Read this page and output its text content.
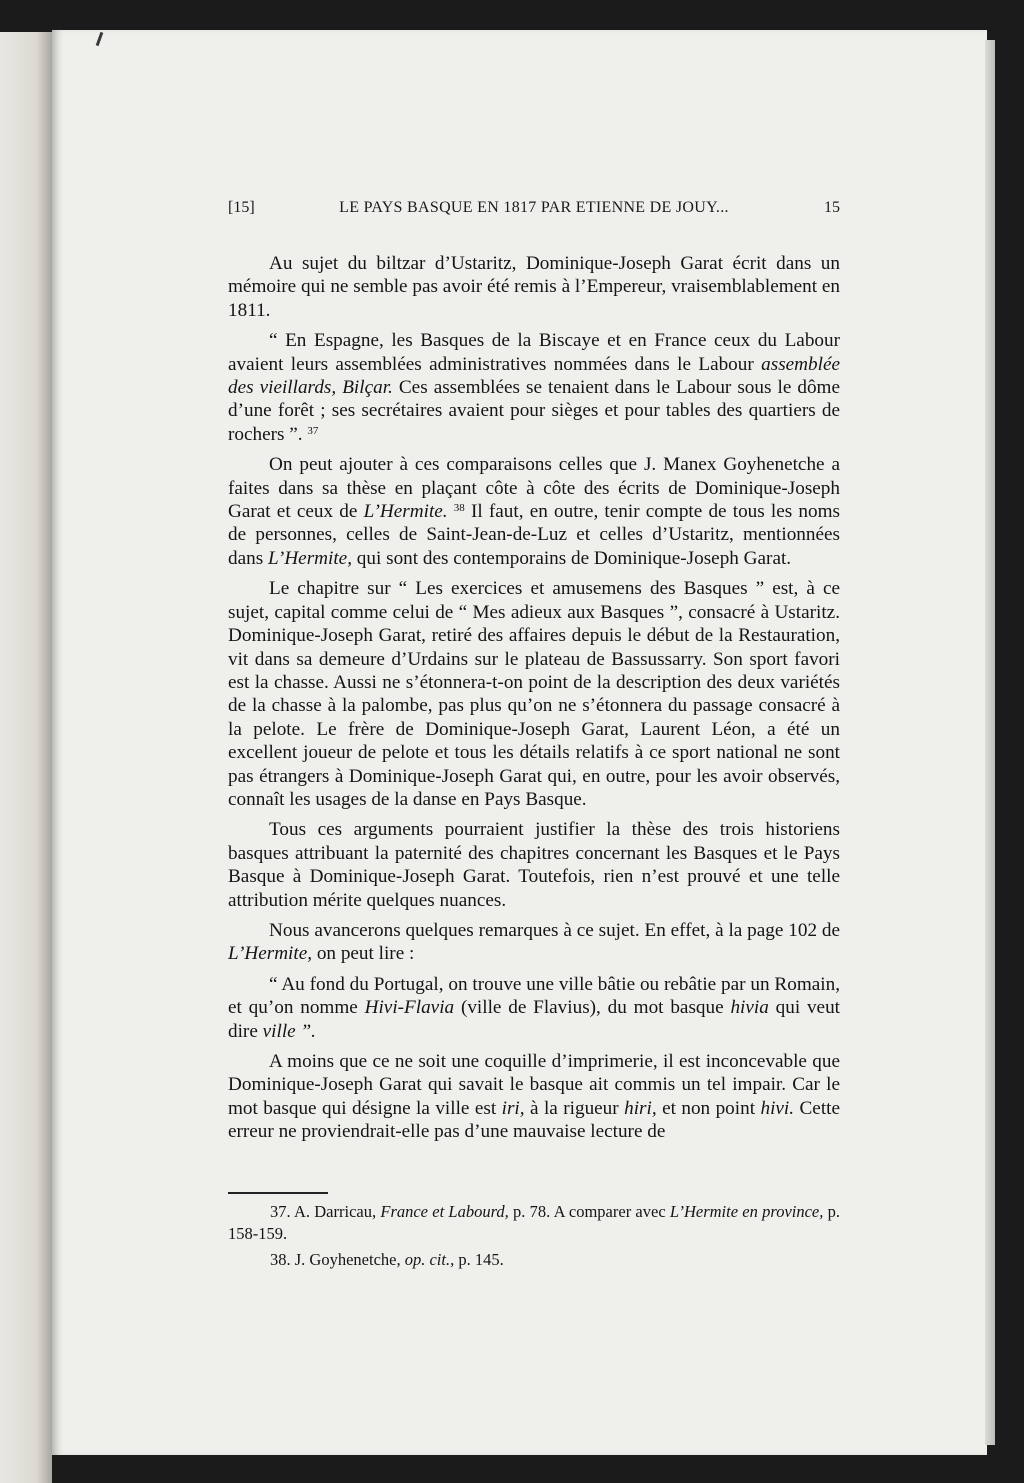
[15]	LE PAYS BASQUE EN 1817 PAR ETIENNE DE JOUY...	15

Au sujet du biltzar d’Ustaritz, Dominique-Joseph Garat écrit dans un mémoire qui ne semble pas avoir été remis à l’Empereur, vraisemblablement en 1811.

“ En Espagne, les Basques de la Biscaye et en France ceux du Labour avaient leurs assemblées administratives nommées dans le Labour assemblée des vieillards, Bilçar. Ces assemblées se tenaient dans le Labour sous le dôme d’une forêt ; ses secrétaires avaient pour sièges et pour tables des quartiers de rochers ”. $^{37}$

On peut ajouter à ces comparaisons celles que J. Manex Goyhenetche a faites dans sa thèse en plaçant côte à côte des écrits de Dominique-Joseph Garat et ceux de L’Hermite. $^{38}$ Il faut, en outre, tenir compte de tous les noms de personnes, celles de Saint-Jean-de-Luz et celles d’Ustaritz, mentionnées dans L’Hermite, qui sont des contemporains de Dominique-Joseph Garat.

Le chapitre sur “ Les exercices et amusemens des Basques ” est, à ce sujet, capital comme celui de “ Mes adieux aux Basques ”, consacré à Ustaritz. Dominique-Joseph Garat, retiré des affaires depuis le début de la Restauration, vit dans sa demeure d’Urdains sur le plateau de Bassussarry. Son sport favori est la chasse. Aussi ne s’étonnera-t-on point de la description des deux variétés de la chasse à la palombe, pas plus qu’on ne s’étonnera du passage consacré à la pelote. Le frère de Dominique-Joseph Garat, Laurent Léon, a été un excellent joueur de pelote et tous les détails relatifs à ce sport national ne sont pas étrangers à Dominique-Joseph Garat qui, en outre, pour les avoir observés, connaît les usages de la danse en Pays Basque.

Tous ces arguments pourraient justifier la thèse des trois historiens basques attribuant la paternité des chapitres concernant les Basques et le Pays Basque à Dominique-Joseph Garat. Toutefois, rien n’est prouvé et une telle attribution mérite quelques nuances.

Nous avancerons quelques remarques à ce sujet. En effet, à la page 102 de L’Hermite, on peut lire :

“ Au fond du Portugal, on trouve une ville bâtie ou rebâtie par un Romain, et qu’on nomme Hivi-Flavia (ville de Flavius), du mot basque hivia qui veut dire ville ”.

A moins que ce ne soit une coquille d’imprimerie, il est inconcevable que Dominique-Joseph Garat qui savait le basque ait commis un tel impair. Car le mot basque qui désigne la ville est iri, à la rigueur hiri, et non point hivi. Cette erreur ne proviendrait-elle pas d’une mauvaise lecture de

37. A. Darricau, France et Labourd, p. 78. A comparer avec L’Hermite en province, p. 158-159.

38. J. Goyhenetche, op. cit., p. 145.
